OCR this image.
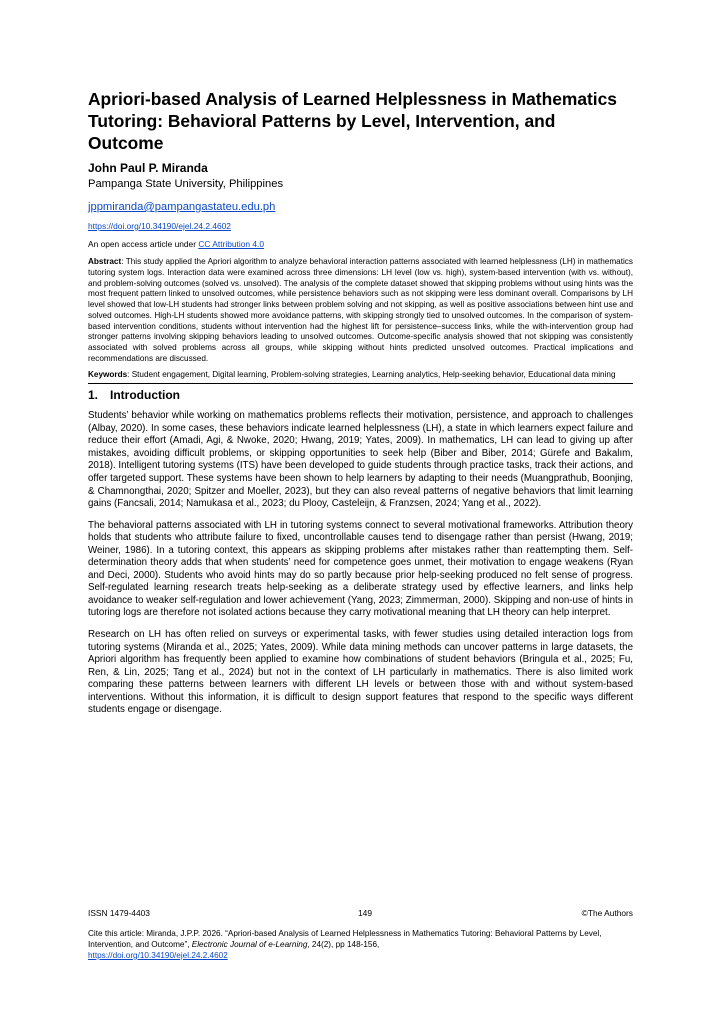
Apriori-based Analysis of Learned Helplessness in Mathematics Tutoring: Behavioral Patterns by Level, Intervention, and Outcome
John Paul P. Miranda
Pampanga State University, Philippines
jppmiranda@pampangastateu.edu.ph
https://doi.org/10.34190/ejel.24.2.4602
An open access article under CC Attribution 4.0
Abstract: This study applied the Apriori algorithm to analyze behavioral interaction patterns associated with learned helplessness (LH) in mathematics tutoring system logs. Interaction data were examined across three dimensions: LH level (low vs. high), system-based intervention (with vs. without), and problem-solving outcomes (solved vs. unsolved). The analysis of the complete dataset showed that skipping problems without using hints was the most frequent pattern linked to unsolved outcomes, while persistence behaviors such as not skipping were less dominant overall. Comparisons by LH level showed that low-LH students had stronger links between problem solving and not skipping, as well as positive associations between hint use and solved outcomes. High-LH students showed more avoidance patterns, with skipping strongly tied to unsolved outcomes. In the comparison of system-based intervention conditions, students without intervention had the highest lift for persistence–success links, while the with-intervention group had stronger patterns involving skipping behaviors leading to unsolved outcomes. Outcome-specific analysis showed that not skipping was consistently associated with solved problems across all groups, while skipping without hints predicted unsolved outcomes. Practical implications and recommendations are discussed.
Keywords: Student engagement, Digital learning, Problem-solving strategies, Learning analytics, Help-seeking behavior, Educational data mining
1. Introduction

Students’ behavior while working on mathematics problems reflects their motivation, persistence, and approach to challenges (Albay, 2020). In some cases, these behaviors indicate learned helplessness (LH), a state in which learners expect failure and reduce their effort (Amadi, Agi, & Nwoke, 2020; Hwang, 2019; Yates, 2009). In mathematics, LH can lead to giving up after mistakes, avoiding difficult problems, or skipping opportunities to seek help (Biber and Biber, 2014; Gürefe and Bakalım, 2018). Intelligent tutoring systems (ITS) have been developed to guide students through practice tasks, track their actions, and offer targeted support. These systems have been shown to help learners by adapting to their needs (Muangprathub, Boonjing, & Chamnongthai, 2020; Spitzer and Moeller, 2023), but they can also reveal patterns of negative behaviors that limit learning gains (Fancsali, 2014; Namukasa et al., 2023; du Plooy, Casteleijn, & Franzsen, 2024; Yang et al., 2022).

The behavioral patterns associated with LH in tutoring systems connect to several motivational frameworks. Attribution theory holds that students who attribute failure to fixed, uncontrollable causes tend to disengage rather than persist (Hwang, 2019; Weiner, 1986). In a tutoring context, this appears as skipping problems after mistakes rather than reattempting them. Self-determination theory adds that when students’ need for competence goes unmet, their motivation to engage weakens (Ryan and Deci, 2000). Students who avoid hints may do so partly because prior help-seeking produced no felt sense of progress. Self-regulated learning research treats help-seeking as a deliberate strategy used by effective learners, and links help avoidance to weaker self-regulation and lower achievement (Yang, 2023; Zimmerman, 2000). Skipping and non-use of hints in tutoring logs are therefore not isolated actions because they carry motivational meaning that LH theory can help interpret.

Research on LH has often relied on surveys or experimental tasks, with fewer studies using detailed interaction logs from tutoring systems (Miranda et al., 2025; Yates, 2009). While data mining methods can uncover patterns in large datasets, the Apriori algorithm has frequently been applied to examine how combinations of student behaviors (Bringula et al., 2025; Fu, Ren, & Lin, 2025; Tang et al., 2024) but not in the context of LH particularly in mathematics. There is also limited work comparing these patterns between learners with different LH levels or between those with and without system-based interventions. Without this information, it is difficult to design support features that respond to the specific ways different students engage or disengage.

ISSN 1479-4403	149	©The Authors
Cite this article: Miranda, J.P.P. 2026. “Apriori-based Analysis of Learned Helplessness in Mathematics Tutoring: Behavioral Patterns by Level, Intervention, and Outcome”, Electronic Journal of e-Learning, 24(2), pp 148-156,
https://doi.org/10.34190/ejel.24.2.4602
